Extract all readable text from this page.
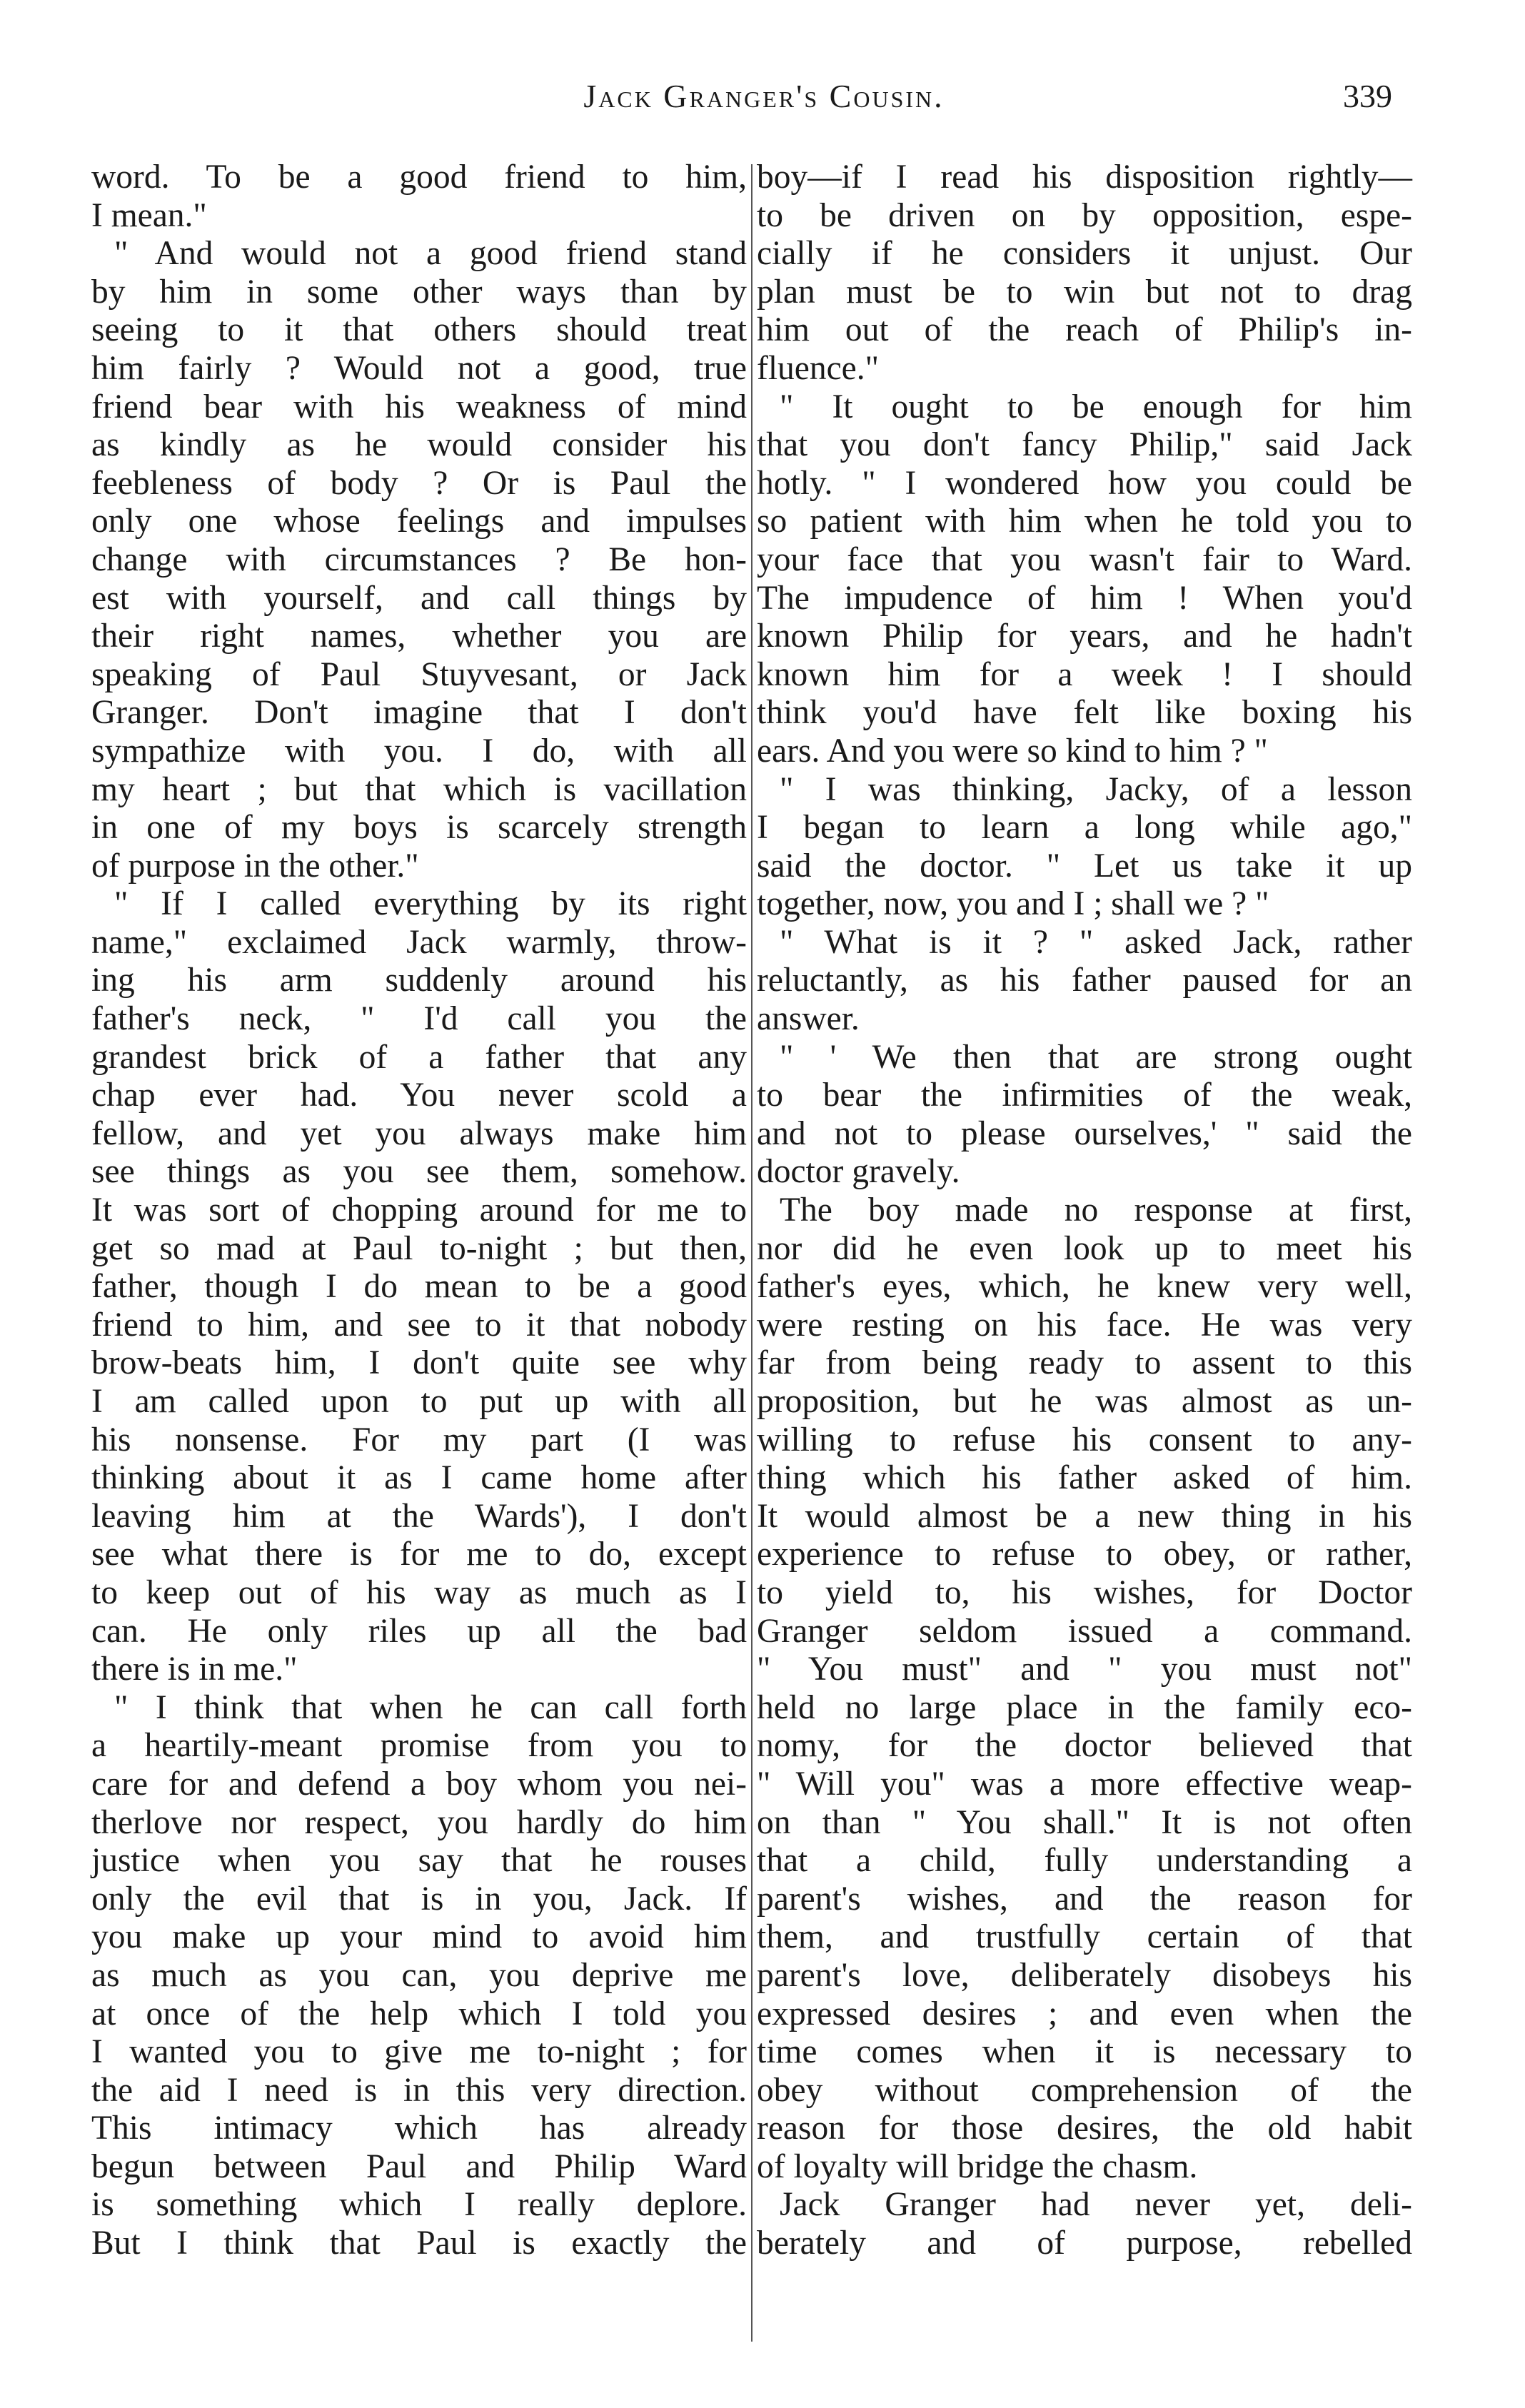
Jack Granger's Cousin.	339
word. To be a good friend to him,
I mean."
" And would not a good friend stand
by him in some other ways than by
seeing to it that others should treat
him fairly ? Would not a good, true
friend bear with his weakness of mind
as kindly as he would consider his
feebleness of body ? Or is Paul the
only one whose feelings and impulses
change with circumstances ? Be hon-
est with yourself, and call things by
their right names, whether you are
speaking of Paul Stuyvesant, or Jack
Granger. Don't imagine that I don't
sympathize with you. I do, with all
my heart ; but that which is vacillation
in one of my boys is scarcely strength
of purpose in the other."
" If I called everything by its right
name," exclaimed Jack warmly, throw-
ing his arm suddenly around his
father's neck, " I'd call you the
grandest brick of a father that any
chap ever had. You never scold a
fellow, and yet you always make him
see things as you see them, somehow.
It was sort of chopping around for me to
get so mad at Paul to-night ; but then,
father, though I do mean to be a good
friend to him, and see to it that nobody
brow-beats him, I don't quite see why
I am called upon to put up with all
his nonsense. For my part (I was
thinking about it as I came home after
leaving him at the Wards'), I don't
see what there is for me to do, except
to keep out of his way as much as I
can. He only riles up all the bad
there is in me."
" I think that when he can call forth
a heartily-meant promise from you to
care for and defend a boy whom you nei-
therlove nor respect, you hardly do him
justice when you say that he rouses
only the evil that is in you, Jack. If
you make up your mind to avoid him
as much as you can, you deprive me
at once of the help which I told you
I wanted you to give me to-night ; for
the aid I need is in this very direction.
This intimacy which has already
begun between Paul and Philip Ward
is something which I really deplore.
But I think that Paul is exactly the
boy—if I read his disposition rightly—
to be driven on by opposition, espe-
cially if he considers it unjust. Our
plan must be to win but not to drag
him out of the reach of Philip's in-
fluence."
" It ought to be enough for him
that you don't fancy Philip," said Jack
hotly. " I wondered how you could be
so patient with him when he told you to
your face that you wasn't fair to Ward.
The impudence of him ! When you'd
known Philip for years, and he hadn't
known him for a week ! I should
think you'd have felt like boxing his
ears. And you were so kind to him ? "
" I was thinking, Jacky, of a lesson
I began to learn a long while ago,"
said the doctor. " Let us take it up
together, now, you and I ; shall we ? "
" What is it ? " asked Jack, rather
reluctantly, as his father paused for an
answer.
" ' We then that are strong ought
to bear the infirmities of the weak,
and not to please ourselves,' " said the
doctor gravely.
The boy made no response at first,
nor did he even look up to meet his
father's eyes, which, he knew very well,
were resting on his face. He was very
far from being ready to assent to this
proposition, but he was almost as un-
willing to refuse his consent to any-
thing which his father asked of him.
It would almost be a new thing in his
experience to refuse to obey, or rather,
to yield to, his wishes, for Doctor
Granger seldom issued a command.
" You must" and " you must not"
held no large place in the family eco-
nomy, for the doctor believed that
" Will you" was a more effective weap-
on than " You shall." It is not often
that a child, fully understanding a
parent's wishes, and the reason for
them, and trustfully certain of that
parent's love, deliberately disobeys his
expressed desires ; and even when the
time comes when it is necessary to
obey without comprehension of the
reason for those desires, the old habit
of loyalty will bridge the chasm.
Jack Granger had never yet, deli-
berately and of purpose, rebelled
